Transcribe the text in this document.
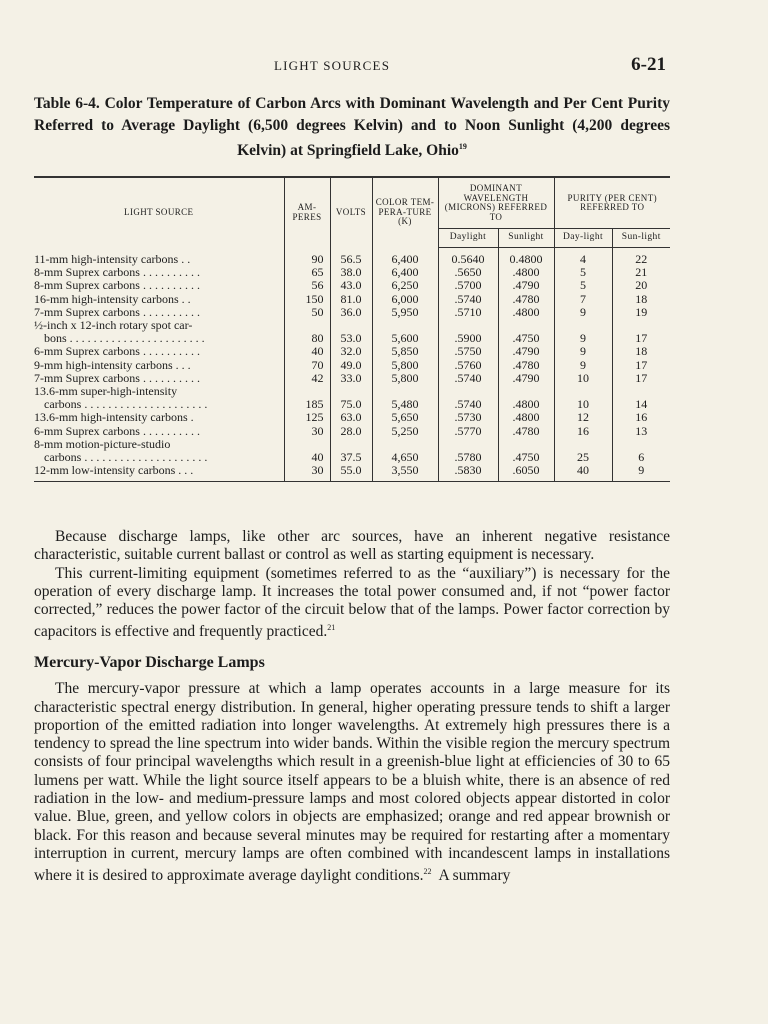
LIGHT SOURCES	6-21
Table 6-4. Color Temperature of Carbon Arcs with Dominant Wavelength and Per Cent Purity Referred to Average Daylight (6,500 degrees Kelvin) and to Noon Sunlight (4,200 degrees Kelvin) at Springfield Lake, Ohio$^{19}$
LIGHT SOURCE	AM-PERES	VOLTS	COLOR TEM-PERA-TURE (K)	DOMINANT WAVELENGTH (MICRONS) REFERRED TO		PURITY (PER CENT) REFERRED TO	
				Daylight	Sunlight	Day-light	Sun-light

11-mm high-intensity carbons . .	90	56.5	6,400	0.5640	0.4800	4	22
8-mm Suprex carbons . . . . . . . . . .	65	38.0	6,400	.5650	.4800	5	21
8-mm Suprex carbons . . . . . . . . . .	56	43.0	6,250	.5700	.4790	5	20
16-mm high-intensity carbons . .	150	81.0	6,000	.5740	.4780	7	18
7-mm Suprex carbons . . . . . . . . . .	50	36.0	5,950	.5710	.4800	9	19
½-inch x 12-inch rotary spot car-							
bons . . . . . . . . . . . . . . . . . . . . . . .	80	53.0	5,600	.5900	.4750	9	17
6-mm Suprex carbons . . . . . . . . . .	40	32.0	5,850	.5750	.4790	9	18
9-mm high-intensity carbons . . .	70	49.0	5,800	.5760	.4780	9	17
7-mm Suprex carbons . . . . . . . . . .	42	33.0	5,800	.5740	.4790	10	17
13.6-mm super-high-intensity							
carbons . . . . . . . . . . . . . . . . . . . . .	185	75.0	5,480	.5740	.4800	10	14
13.6-mm high-intensity carbons .	125	63.0	5,650	.5730	.4800	12	16
6-mm Suprex carbons . . . . . . . . . .	30	28.0	5,250	.5770	.4780	16	13
8-mm motion-picture-studio							
carbons . . . . . . . . . . . . . . . . . . . . .	40	37.5	4,650	.5780	.4750	25	6
12-mm low-intensity carbons . . .	30	55.0	3,550	.5830	.6050	40	9

Because discharge lamps, like other arc sources, have an inherent negative resistance characteristic, suitable current ballast or control as well as starting equipment is necessary.

This current-limiting equipment (sometimes referred to as the “auxiliary”) is necessary for the operation of every discharge lamp. It increases the total power consumed and, if not “power factor corrected,” reduces the power factor of the circuit below that of the lamps. Power factor correction by capacitors is effective and frequently practiced.$^{21}$

Mercury-Vapor Discharge Lamps

The mercury-vapor pressure at which a lamp operates accounts in a large measure for its characteristic spectral energy distribution. In general, higher operating pressure tends to shift a larger proportion of the emitted radiation into longer wavelengths. At extremely high pressures there is a tendency to spread the line spectrum into wider bands. Within the visible region the mercury spectrum consists of four principal wavelengths which result in a greenish-blue light at efficiencies of 30 to 65 lumens per watt. While the light source itself appears to be a bluish white, there is an absence of red radiation in the low- and medium-pressure lamps and most colored objects appear distorted in color value. Blue, green, and yellow colors in objects are emphasized; orange and red appear brownish or black. For this reason and because several minutes may be required for restarting after a momentary interruption in current, mercury lamps are often combined with incandescent lamps in installations where it is desired to approximate average daylight conditions.$^{22}$ A summary
